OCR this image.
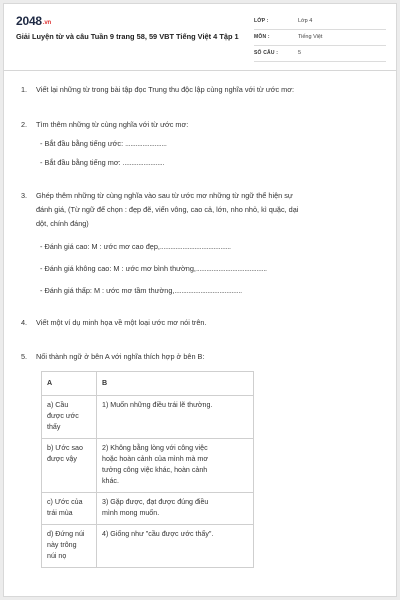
2048.vn
Giải Luyện từ và câu Tuần 9 trang 58, 59 VBT Tiếng Việt 4 Tập 1
LỚP :	Lớp 4
MÔN :	Tiếng Việt
SỐ CÂU :	5
1. Viết lại những từ trong bài tập đọc Trung thu độc lập cùng nghĩa với từ ước mơ:
2. Tìm thêm những từ cùng nghĩa với từ ước mơ:
- Bắt đầu bằng tiếng ước: ........................
- Bắt đầu bằng tiếng mơ: ........................
3. Ghép thêm những từ cùng nghĩa vào sau từ ước mơ những từ ngữ thể hiện sự
đánh giá, (Từ ngữ để chọn : đẹp đẽ, viển vông, cao cả, lớn, nho nhỏ, kì quặc, dại
dột, chính đáng)
- Đánh giá cao: M : ước mơ cao đẹp,.........................................
- Đánh giá không cao: M : ước mơ bình thường,.........................................
- Đánh giá thấp: M : ước mơ tầm thường,.......................................
4. Viết một ví dụ minh họa về một loại ước mơ nói trên.
5. Nối thành ngữ ở bên A với nghĩa thích hợp ở bên B:
A	B
a) Cầu
được ước
thấy	1) Muốn những điều trái lẽ thường.
b) Ước sao
được vậy	2) Không bằng lòng với công việc
hoặc hoàn cảnh của mình mà mơ
tưởng công việc khác, hoàn cảnh
khác.
c) Ước của
trái mùa	3) Gặp được, đạt được đúng điều
mình mong muốn.
d) Đứng núi
này trông
núi nọ	4) Giống như "cầu được ước thấy".
